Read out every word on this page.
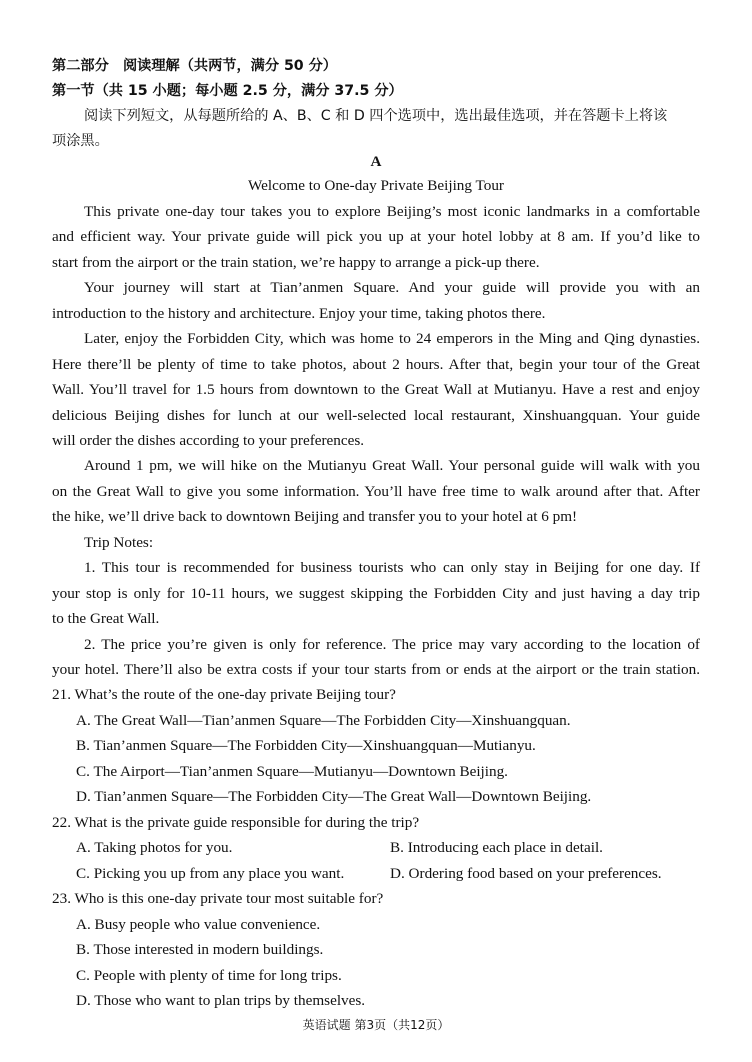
第二部分　阅读理解（共两节，满分 50 分）
第一节（共 15 小题；每小题 2.5 分，满分 37.5 分）
阅读下列短文，从每题所给的 A、B、C 和 D 四个选项中，选出最佳选项，并在答题卡上将该
项涂黑。
A
Welcome to One-day Private Beijing Tour
This private one-day tour takes you to explore Beijing’s most iconic landmarks in a comfortable
and efficient way. Your private guide will pick you up at your hotel lobby at 8 am. If you’d like to
start from the airport or the train station, we’re happy to arrange a pick-up there.
Your journey will start at Tian’anmen Square. And your guide will provide you with an
introduction to the history and architecture. Enjoy your time, taking photos there.
Later, enjoy the Forbidden City, which was home to 24 emperors in the Ming and Qing dynasties.
Here there’ll be plenty of time to take photos, about 2 hours. After that, begin your tour of the Great
Wall. You’ll travel for 1.5 hours from downtown to the Great Wall at Mutianyu. Have a rest and enjoy
delicious Beijing dishes for lunch at our well-selected local restaurant, Xinshuangquan. Your guide
will order the dishes according to your preferences.
Around 1 pm, we will hike on the Mutianyu Great Wall. Your personal guide will walk with you
on the Great Wall to give you some information. You’ll have free time to walk around after that. After
the hike, we’ll drive back to downtown Beijing and transfer you to your hotel at 6 pm!
Trip Notes:
1. This tour is recommended for business tourists who can only stay in Beijing for one day. If
your stop is only for 10-11 hours, we suggest skipping the Forbidden City and just having a day trip
to the Great Wall.
2. The price you’re given is only for reference. The price may vary according to the location of
your hotel. There’ll also be extra costs if your tour starts from or ends at the airport or the train station.
21. What’s the route of the one-day private Beijing tour?
A. The Great Wall—Tian’anmen Square—The Forbidden City—Xinshuangquan.
B. Tian’anmen Square—The Forbidden City—Xinshuangquan—Mutianyu.
C. The Airport—Tian’anmen Square—Mutianyu—Downtown Beijing.
D. Tian’anmen Square—The Forbidden City—The Great Wall—Downtown Beijing.
22. What is the private guide responsible for during the trip?
A. Taking photos for you.	B. Introducing each place in detail.
C. Picking you up from any place you want.	D. Ordering food based on your preferences.
23. Who is this one-day private tour most suitable for?
A. Busy people who value convenience.
B. Those interested in modern buildings.
C. People with plenty of time for long trips.
D. Those who want to plan trips by themselves.
英语试题 第3页（共12页）
